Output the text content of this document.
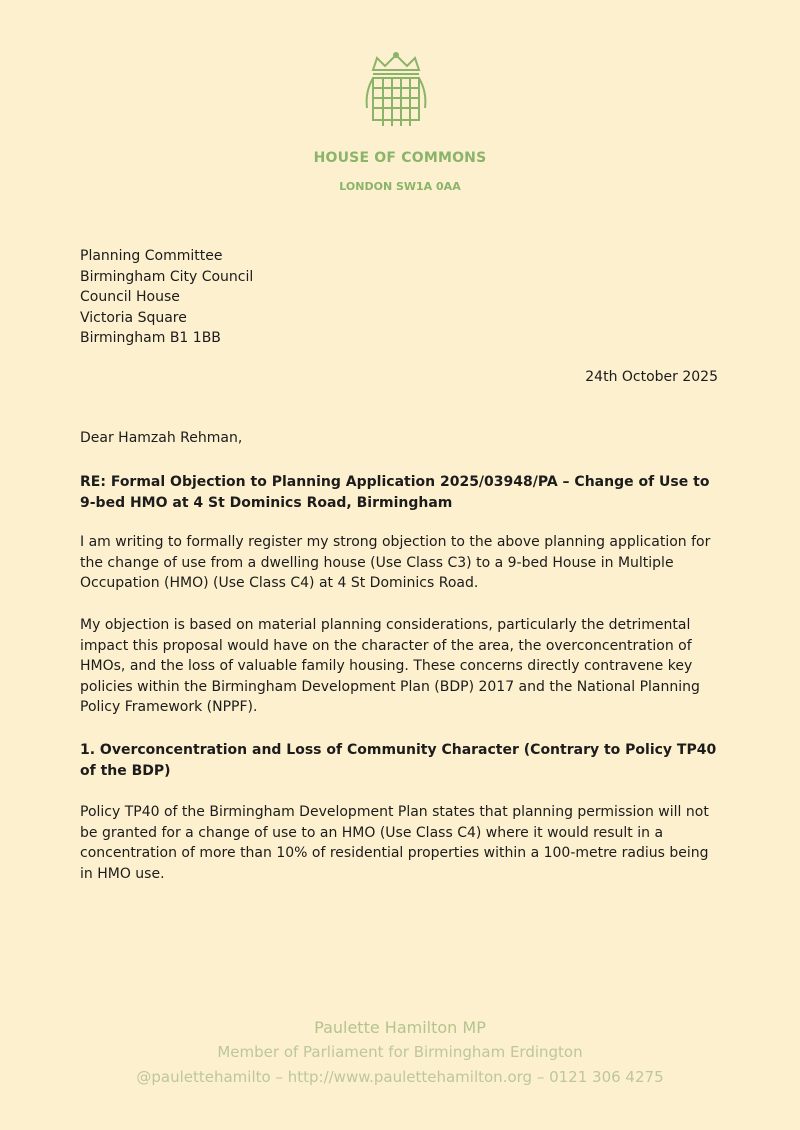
HOUSE OF COMMONS
LONDON SW1A 0AA
Planning Committee
Birmingham City Council
Council House
Victoria Square
Birmingham B1 1BB
24th October 2025
Dear Hamzah Rehman,
RE: Formal Objection to Planning Application 2025/03948/PA – Change of Use to 9-bed HMO at 4 St Dominics Road, Birmingham
I am writing to formally register my strong objection to the above planning application for the change of use from a dwelling house (Use Class C3) to a 9-bed House in Multiple Occupation (HMO) (Use Class C4) at 4 St Dominics Road.
My objection is based on material planning considerations, particularly the detrimental impact this proposal would have on the character of the area, the overconcentration of HMOs, and the loss of valuable family housing. These concerns directly contravene key policies within the Birmingham Development Plan (BDP) 2017 and the National Planning Policy Framework (NPPF).
1. Overconcentration and Loss of Community Character (Contrary to Policy TP40 of the BDP)
Policy TP40 of the Birmingham Development Plan states that planning permission will not be granted for a change of use to an HMO (Use Class C4) where it would result in a concentration of more than 10% of residential properties within a 100-metre radius being in HMO use.
Paulette Hamilton MP
Member of Parliament for Birmingham Erdington
@paulettehamilto – http://www.paulettehamilton.org – 0121 306 4275
